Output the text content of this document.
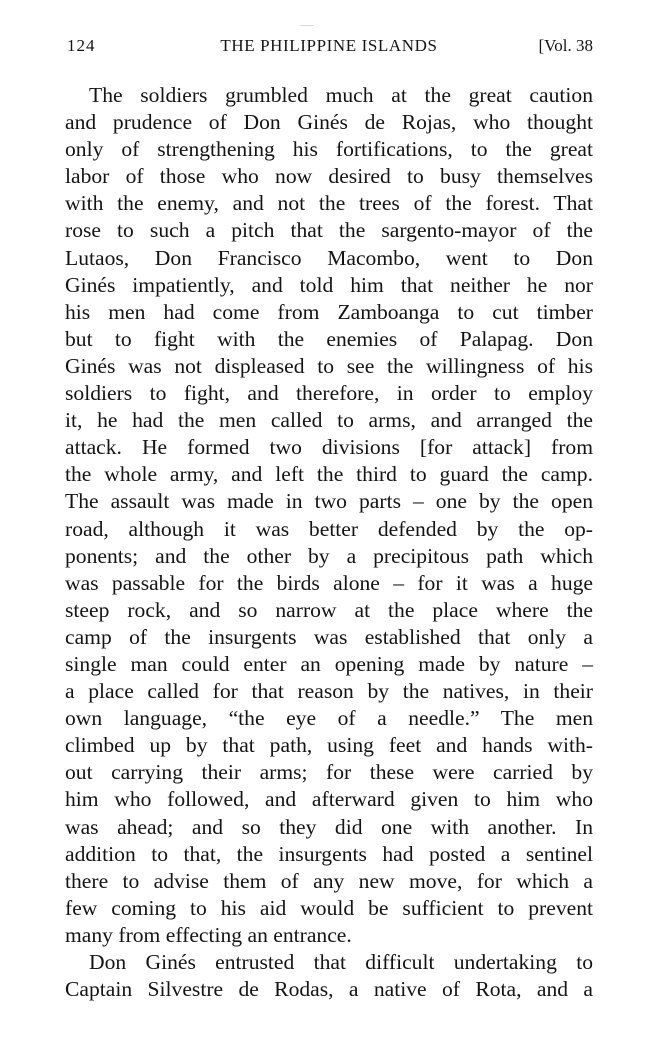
124	THE PHILIPPINE ISLANDS	[Vol. 38
The soldiers grumbled much at the great caution
and prudence of Don Ginés de Rojas, who thought
only of strengthening his fortifications, to the great
labor of those who now desired to busy themselves
with the enemy, and not the trees of the forest. That
rose to such a pitch that the sargento-mayor of the
Lutaos, Don Francisco Macombo, went to Don
Ginés impatiently, and told him that neither he nor
his men had come from Zamboanga to cut timber
but to fight with the enemies of Palapag. Don
Ginés was not displeased to see the willingness of his
soldiers to fight, and therefore, in order to employ
it, he had the men called to arms, and arranged the
attack. He formed two divisions [for attack] from
the whole army, and left the third to guard the camp.
The assault was made in two parts – one by the open
road, although it was better defended by the op-
ponents; and the other by a precipitous path which
was passable for the birds alone – for it was a huge
steep rock, and so narrow at the place where the
camp of the insurgents was established that only a
single man could enter an opening made by nature –
a place called for that reason by the natives, in their
own language, “the eye of a needle.” The men
climbed up by that path, using feet and hands with-
out carrying their arms; for these were carried by
him who followed, and afterward given to him who
was ahead; and so they did one with another. In
addition to that, the insurgents had posted a sentinel
there to advise them of any new move, for which a
few coming to his aid would be sufficient to prevent
many from effecting an entrance.
Don Ginés entrusted that difficult undertaking to
Captain Silvestre de Rodas, a native of Rota, and a
